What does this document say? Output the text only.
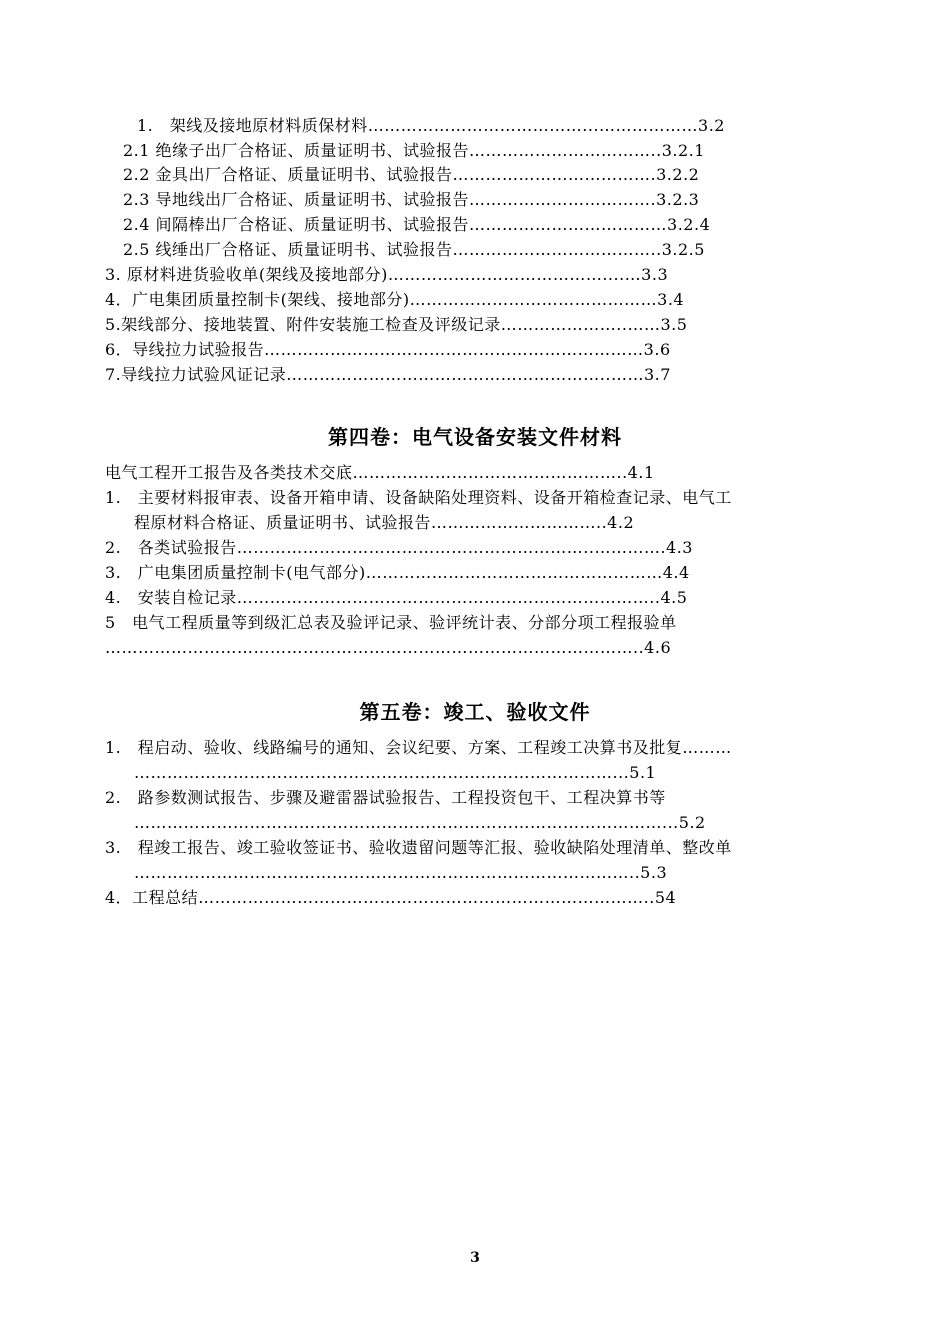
1.　架线及接地原材料质保材料…………………………………...………………3.2
2.1 绝缘子出厂合格证、质量证明书、试验报告……………………………..3.2.1
2.2 金具出厂合格证、质量证明书、试验报告……………………………….3.2.2
2.3 导地线出厂合格证、质量证明书、试验报告…………………………….3.2.3
2.4 间隔棒出厂合格证、质量证明书、试验报告………………………………3.2.4
2.5 线缍出厂合格证、质量证明书、试验报告………………………………..3.2.5
3. 原材料进货验收单(架线及接地部分)…………………………………....…3.3
4．广电集团质量控制卡(架线、接地部分)………………………………………3.4
5.架线部分、接地装置、附件安装施工检查及评级记录…………………..……3.5
6．导线拉力试验报告……………………………………………………………3.6
7.导线拉力试验风证记录…………………………………………………..……3.7
第四卷：电气设备安装文件材料
电气工程开工报告及各类技术交底…………………………………………..4.1
1.　主要材料报审表、设备开箱申请、设备缺陷处理资料、设备开箱检查记录、电气工
程原材料合格证、质量证明书、试验报告…………………………..4.2
2.　各类试验报告………………………………………………………..………….4.3
3.　广电集团质量控制卡(电气部分)………………………………………………4.4
4.　安装自检记录…………………………………………………………………..4.5
5　电气工程质量等到级汇总表及验评记录、验评统计表、分部分项工程报验单
……………………………………………………………………………………..4.6
第五卷：竣工、验收文件
1.　程启动、验收、线路编号的通知、会议纪要、方案、工程竣工决算书及批复………
……………………………………………………………………………...5.1
2.　路参数测试报告、步骤及避雷器试验报告、工程投资包干、工程决算书等
……………………………………………………………………………………...5.2
3.　程竣工报告、竣工验收签证书、验收遗留问题等汇报、验收缺陷处理清单、整改单
………………………………………………………………………………..5.3
4．工程总结………………………………………………………………………..54
3
